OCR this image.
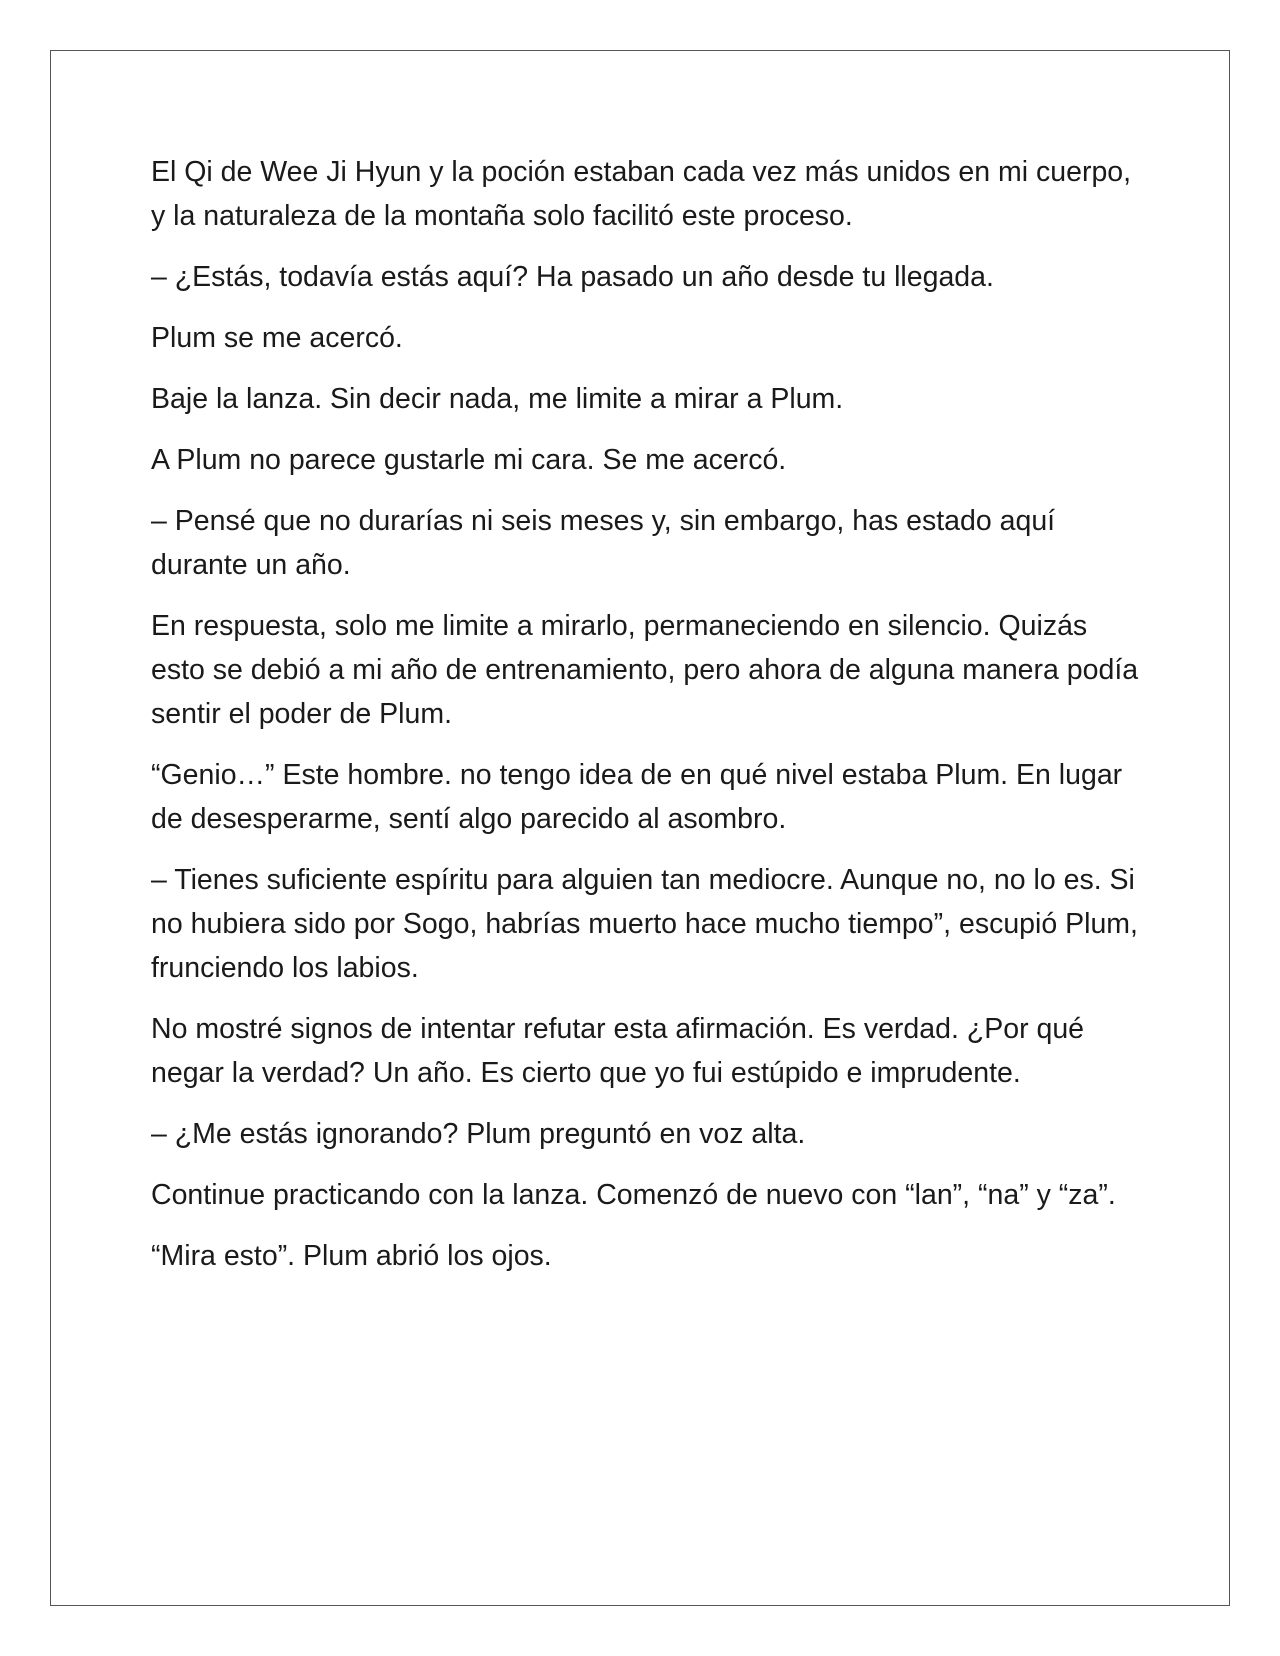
El Qi de Wee Ji Hyun y la poción estaban cada vez más unidos en mi cuerpo, y la naturaleza de la montaña solo facilitó este proceso.

– ¿Estás, todavía estás aquí? Ha pasado un año desde tu llegada.

Plum se me acercó.

Baje la lanza. Sin decir nada, me limite a mirar a Plum.

A Plum no parece gustarle mi cara. Se me acercó.

– Pensé que no durarías ni seis meses y, sin embargo, has estado aquí durante un año.

En respuesta, solo me limite a mirarlo, permaneciendo en silencio. Quizás esto se debió a mi año de entrenamiento, pero ahora de alguna manera podía sentir el poder de Plum.

“Genio…” Este hombre. no tengo idea de en qué nivel estaba Plum. En lugar de desesperarme, sentí algo parecido al asombro.

– Tienes suficiente espíritu para alguien tan mediocre. Aunque no, no lo es. Si no hubiera sido por Sogo, habrías muerto hace mucho tiempo”, escupió Plum, frunciendo los labios.

No mostré signos de intentar refutar esta afirmación. Es verdad. ¿Por qué negar la verdad? Un año. Es cierto que yo fui estúpido e imprudente.

– ¿Me estás ignorando? Plum preguntó en voz alta.

Continue practicando con la lanza. Comenzó de nuevo con “lan”, “na” y “za”.

“Mira esto”. Plum abrió los ojos.
